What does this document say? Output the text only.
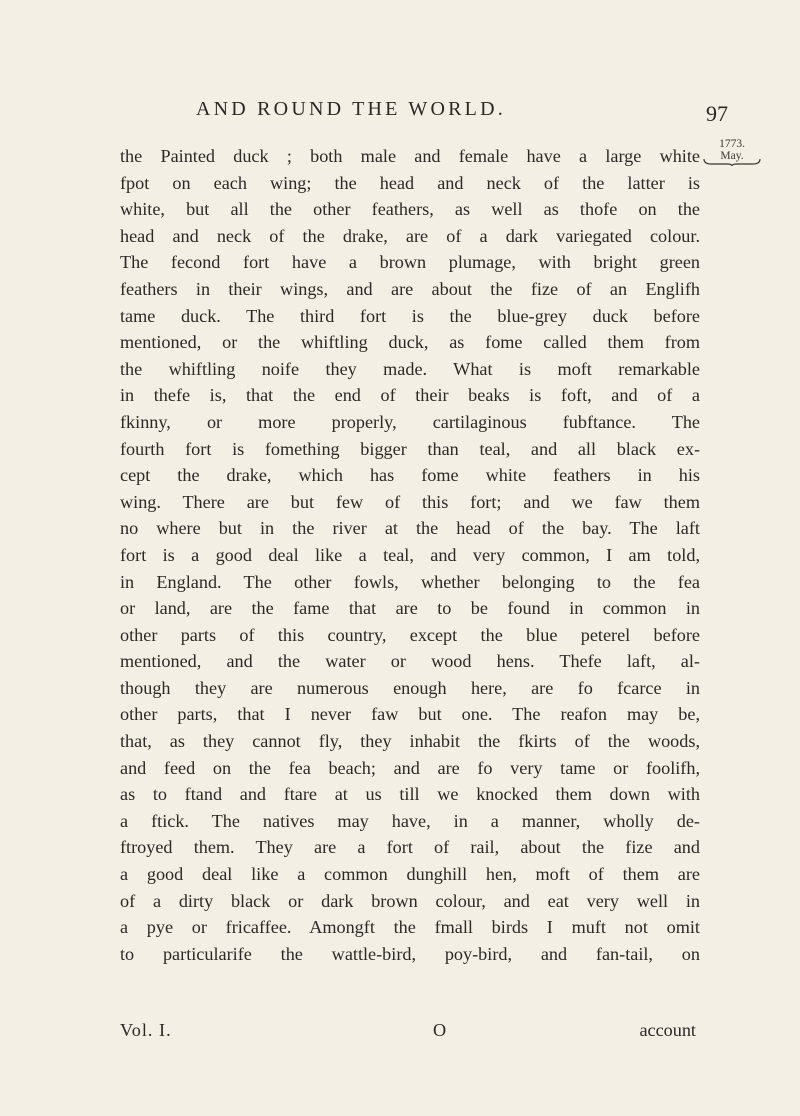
AND ROUND THE WORLD.	97
1773.
May.
the Painted duck ; both male and female have a large white
fpot on each wing; the head and neck of the latter is
white, but all the other feathers, as well as thofe on the
head and neck of the drake, are of a dark variegated colour.
The fecond fort have a brown plumage, with bright green
feathers in their wings, and are about the fize of an Englifh
tame duck. The third fort is the blue-grey duck before
mentioned, or the whiftling duck, as fome called them from
the whiftling noife they made. What is moft remarkable
in thefe is, that the end of their beaks is foft, and of a
fkinny, or more properly, cartilaginous fubftance. The
fourth fort is fomething bigger than teal, and all black ex-
cept the drake, which has fome white feathers in his
wing. There are but few of this fort; and we faw them
no where but in the river at the head of the bay. The laft
fort is a good deal like a teal, and very common, I am told,
in England. The other fowls, whether belonging to the fea
or land, are the fame that are to be found in common in
other parts of this country, except the blue peterel before
mentioned, and the water or wood hens. Thefe laft, al-
though they are numerous enough here, are fo fcarce in
other parts, that I never faw but one. The reafon may be,
that, as they cannot fly, they inhabit the fkirts of the woods,
and feed on the fea beach; and are fo very tame or foolifh,
as to ftand and ftare at us till we knocked them down with
a ftick. The natives may have, in a manner, wholly de-
ftroyed them. They are a fort of rail, about the fize and
a good deal like a common dunghill hen, moft of them are
of a dirty black or dark brown colour, and eat very well in
a pye or fricaffee. Amongft the fmall birds I muft not omit
to particularife the wattle-bird, poy-bird, and fan-tail, on
Vol. I.	O	account
